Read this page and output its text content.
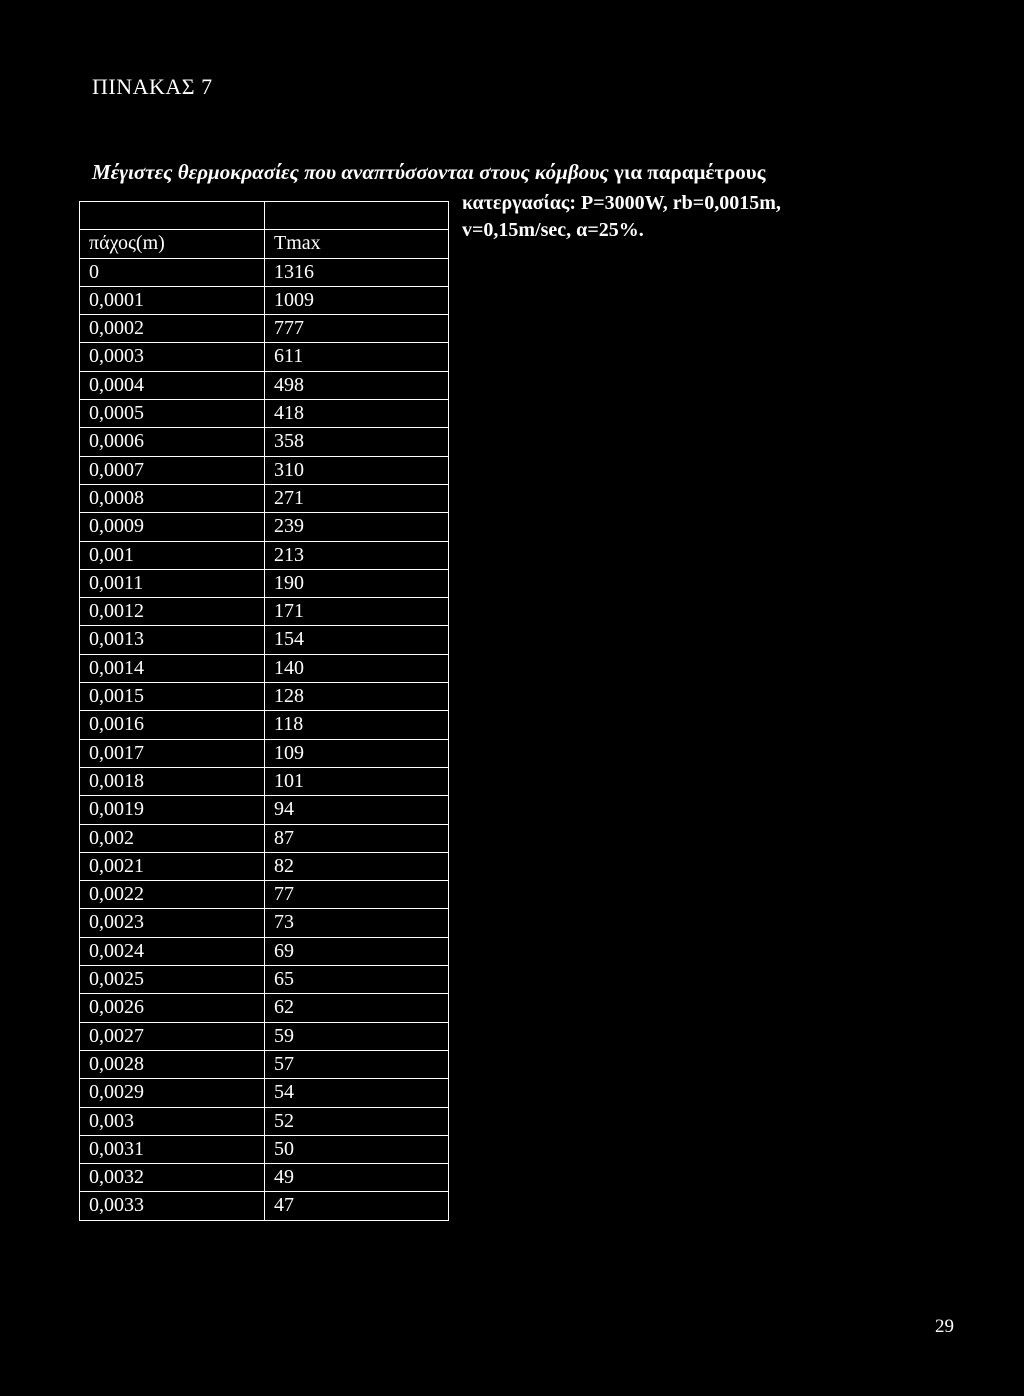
ΠΙΝΑΚΑΣ 7
Μέγιστες θερμοκρασίες που αναπτύσσονται στους κόμβους για παραμέτρους
κατεργασίας: P=3000W, rb=0,0015m,
v=0,15m/sec, α=25%.

πάχος(m)	Tmax
0	1316
0,0001	1009
0,0002	777
0,0003	611
0,0004	498
0,0005	418
0,0006	358
0,0007	310
0,0008	271
0,0009	239
0,001	213
0,0011	190
0,0012	171
0,0013	154
0,0014	140
0,0015	128
0,0016	118
0,0017	109
0,0018	101
0,0019	94
0,002	87
0,0021	82
0,0022	77
0,0023	73
0,0024	69
0,0025	65
0,0026	62
0,0027	59
0,0028	57
0,0029	54
0,003	52
0,0031	50
0,0032	49
0,0033	47
29
